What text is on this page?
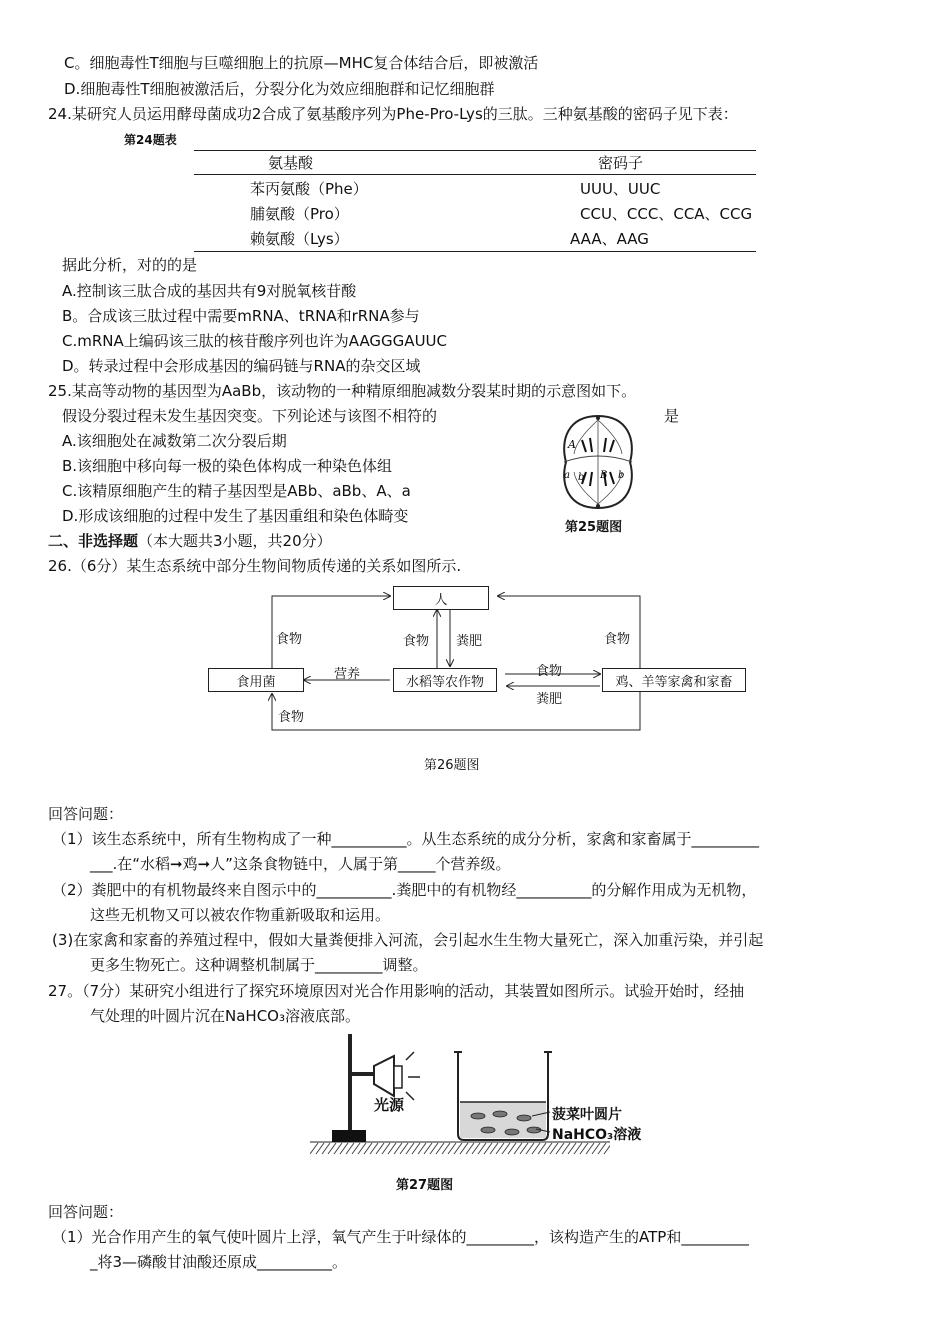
C。细胞毒性T细胞与巨噬细胞上的抗原—MHC复合体结合后，即被激活
D.细胞毒性T细胞被激活后，分裂分化为效应细胞群和记忆细胞群
24.某研究人员运用酵母菌成功2合成了氨基酸序列为Phe-Pro-Lys的三肽。三种氨基酸的密码子见下表：
第24题表
氨基酸	密码子
苯丙氨酸（Phe）	UUU、UUC
脯氨酸（Pro）	CCU、CCC、CCA、CCG
赖氨酸（Lys）	AAA、AAG
据此分析，对的的是
A.控制该三肽合成的基因共有9对脱氧核苷酸
B。合成该三肽过程中需要mRNA、tRNA和rRNA参与
C.mRNA上编码该三肽的核苷酸序列也许为AAGGGAUUC
D。转录过程中会形成基因的编码链与RNA的杂交区域
25.某高等动物的基因型为AaBb，该动物的一种精原细胞减数分裂某时期的示意图如下。
假设分裂过程未发生基因突变。下列论述与该图不相符的	是
A.该细胞处在减数第二次分裂后期
B.该细胞中移向每一极的染色体构成一种染色体组
C.该精原细胞产生的精子基因型是ABb、aBb、A、a
D.形成该细胞的过程中发生了基因重组和染色体畸变
A
a b B b
第25题图
二、非选择题（本大题共3小题，共20分）
26.（6分）某生态系统中部分生物间物质传递的关系如图所示.
人
食用菌	水稻等农作物	鸡、羊等家禽和家畜
食物	食物 粪肥	食物
营养	食物
粪肥
食物
第26题图
回答问题：
（1）该生态系统中，所有生物构成了一种__________。从生态系统的成分分析，家禽和家畜属于_________
___.在“水稻➞鸡➞人”这条食物链中，人属于第_____个营养级。
（2）粪肥中的有机物最终来自图示中的__________.粪肥中的有机物经__________的分解作用成为无机物，
这些无机物又可以被农作物重新吸取和运用。
(3)在家禽和家畜的养殖过程中，假如大量粪便排入河流，会引起水生生物大量死亡，深入加重污染，并引起
更多生物死亡。这种调整机制属于_________调整。
27。（7分）某研究小组进行了探究环境原因对光合作用影响的活动，其装置如图所示。试验开始时，经抽
气处理的叶圆片沉在NaHCO₃溶液底部。
光源
菠菜叶圆片
NaHCO₃溶液
第27题图
回答问题：
（1）光合作用产生的氧气使叶圆片上浮，氧气产生于叶绿体的_________，该构造产生的ATP和_________
_将3—磷酸甘油酸还原成__________。
